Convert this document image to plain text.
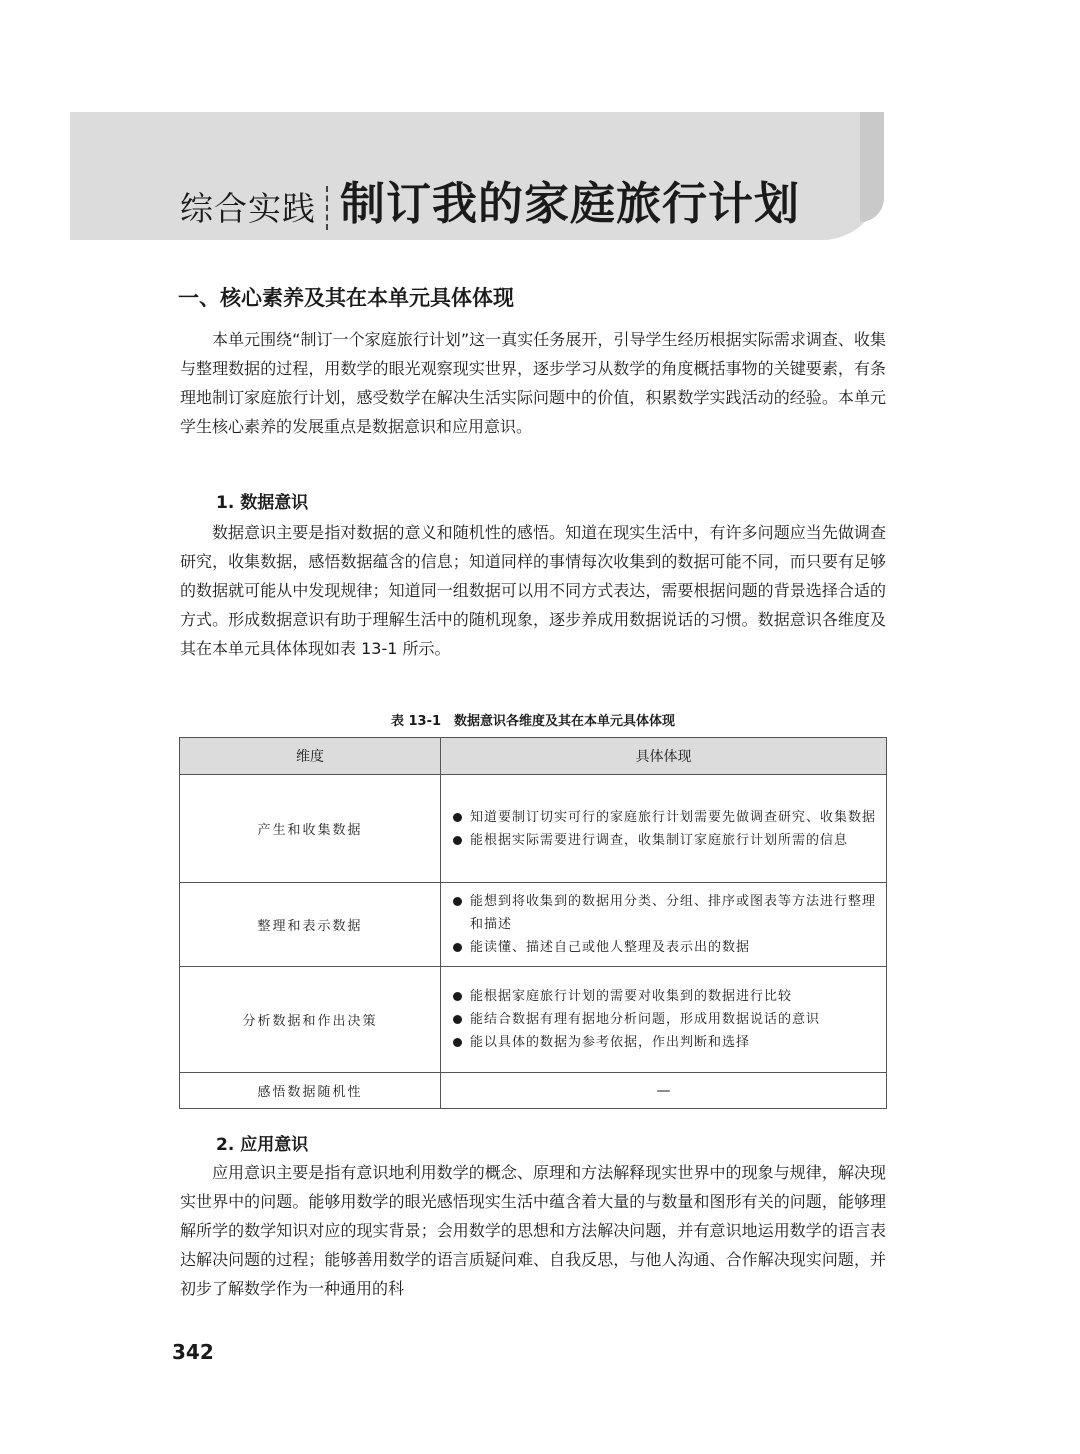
综合实践 制订我的家庭旅行计划
一、核心素养及其在本单元具体体现

本单元围绕“制订一个家庭旅行计划”这一真实任务展开，引导学生经历根据实际需求调查、收集与整理数据的过程，用数学的眼光观察现实世界，逐步学习从数学的角度概括事物的关键要素，有条理地制订家庭旅行计划，感受数学在解决生活实际问题中的价值，积累数学实践活动的经验。本单元学生核心素养的发展重点是数据意识和应用意识。

1. 数据意识

数据意识主要是指对数据的意义和随机性的感悟。知道在现实生活中，有许多问题应当先做调查研究，收集数据，感悟数据蕴含的信息；知道同样的事情每次收集到的数据可能不同，而只要有足够的数据就可能从中发现规律；知道同一组数据可以用不同方式表达，需要根据问题的背景选择合适的方式。形成数据意识有助于理解生活中的随机现象，逐步养成用数据说话的习惯。数据意识各维度及其在本单元具体体现如表 13-1 所示。

表 13-1　数据意识各维度及其在本单元具体体现
维度	具体体现
产生和收集数据	知道要制订切实可行的家庭旅行计划需要先做调查研究、收集数据
能根据实际需要进行调查，收集制订家庭旅行计划所需的信息

整理和表示数据	能想到将收集到的数据用分类、分组、排序或图表等方法进行整理和描述
能读懂、描述自己或他人整理及表示出的数据

分析数据和作出决策	能根据家庭旅行计划的需要对收集到的数据进行比较
能结合数据有理有据地分析问题，形成用数据说话的意识
能以具体的数据为参考依据，作出判断和选择

感悟数据随机性	—
2. 应用意识

应用意识主要是指有意识地利用数学的概念、原理和方法解释现实世界中的现象与规律，解决现实世界中的问题。能够用数学的眼光感悟现实生活中蕴含着大量的与数量和图形有关的问题，能够理解所学的数学知识对应的现实背景；会用数学的思想和方法解决问题，并有意识地运用数学的语言表达解决问题的过程；能够善用数学的语言质疑问难、自我反思，与他人沟通、合作解决现实问题，并初步了解数学作为一种通用的科

342
